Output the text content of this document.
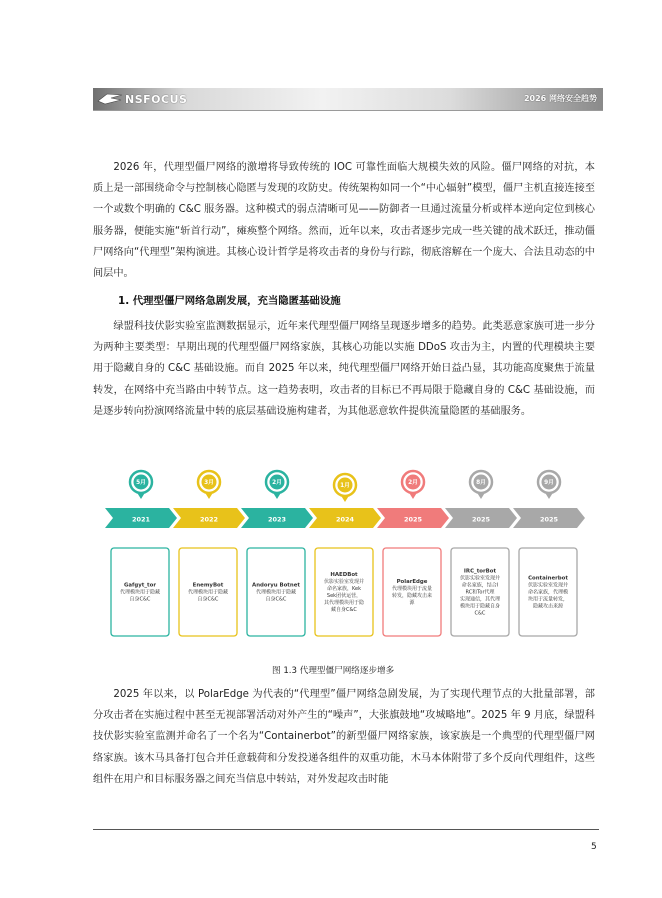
NSFOCUS	2026 网络安全趋势

2026 年，代理型僵尸网络的激增将导致传统的 IOC 可靠性面临大规模失效的风险。僵尸网络的对抗，本质上是一部围绕命令与控制核心隐匿与发现的攻防史。传统架构如同一个“中心辐射”模型，僵尸主机直接连接至一个或数个明确的 C&C 服务器。这种模式的弱点清晰可见——防御者一旦通过流量分析或样本逆向定位到核心服务器，便能实施“斩首行动”，瘫痪整个网络。然而，近年以来，攻击者逐步完成一些关键的战术跃迁，推动僵尸网络向“代理型”架构演进。其核心设计哲学是将攻击者的身份与行踪，彻底溶解在一个庞大、合法且动态的中间层中。

1. 代理型僵尸网络急剧发展，充当隐匿基础设施

绿盟科技伏影实验室监测数据显示，近年来代理型僵尸网络呈现逐步增多的趋势。此类恶意家族可进一步分为两种主要类型：早期出现的代理型僵尸网络家族，其核心功能以实施 DDoS 攻击为主，内置的代理模块主要用于隐藏自身的 C&C 基础设施。而自 2025 年以来，纯代理型僵尸网络开始日益凸显，其功能高度聚焦于流量转发，在网络中充当路由中转节点。这一趋势表明，攻击者的目标已不再局限于隐藏自身的 C&C 基础设施，而是逐步转向扮演网络流量中转的底层基础设施构建者，为其他恶意软件提供流量隐匿的基础服务。

2021
5月
Gafgyt_tor
代理模块用于隐藏
自身C&C
2022
3月
EnemyBot
代理模块用于隐藏
自身C&C
2023
2月
Andoryu Botnet
代理模块用于隐藏
自身C&C
2024
1月
HAEDBot
伏影实验室发现并
命名家族，Kek
Sek团伙运营，
其代理模块用于隐
藏自身C&C
2025
2月
PolarEdge
代理模块用于流量
转发，隐藏攻击来
源
2025
8月
IRC_torBot
伏影实验室发现并
命名家族，结合I
RC和Tor代理
实现通信，其代理
模块用于隐藏自身
C&C
2025
9月
Containerbot
伏影实验室发现并
命名家族，代理模
块用于流量转发，
隐藏攻击来源
图 1.3 代理型僵尸网络逐步增多

2025 年以来，以 PolarEdge 为代表的“代理型”僵尸网络急剧发展，为了实现代理节点的大批量部署，部分攻击者在实施过程中甚至无视部署活动对外产生的“噪声”，大张旗鼓地“攻城略地”。2025 年 9 月底，绿盟科技伏影实验室监测并命名了一个名为“Containerbot”的新型僵尸网络家族，该家族是一个典型的代理型僵尸网络家族。该木马具备打包合并任意载荷和分发投递各组件的双重功能，木马本体附带了多个反向代理组件，这些组件在用户和目标服务器之间充当信息中转站，对外发起攻击时能

5
